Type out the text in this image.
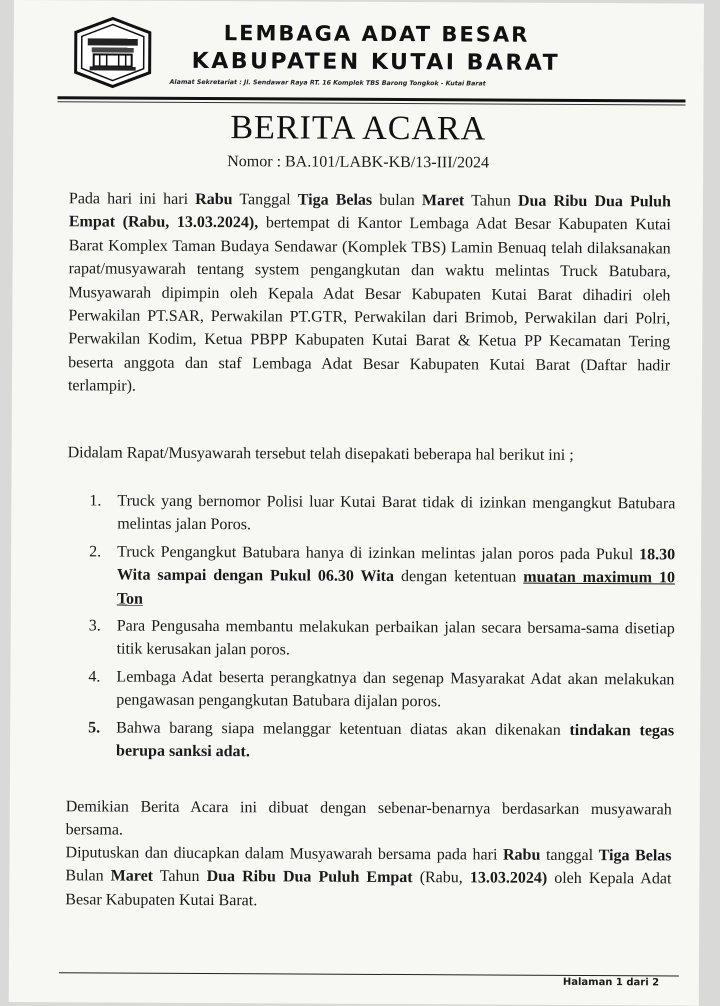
LEMBAGA ADAT BESAR
KABUPATEN KUTAI BARAT
Alamat Sekretariat : Jl. Sendawar Raya RT. 16 Komplek TBS Barong Tongkok - Kutai Barat
BERITA ACARA
Nomor : BA.101/LABK-KB/13-III/2024
Pada hari ini hari Rabu Tanggal Tiga Belas bulan Maret Tahun Dua Ribu Dua Puluh Empat (Rabu, 13.03.2024), bertempat di Kantor Lembaga Adat Besar Kabupaten Kutai Barat Komplex Taman Budaya Sendawar (Komplek TBS) Lamin Benuaq telah dilaksanakan rapat/musyawarah tentang system pengangkutan dan waktu melintas Truck Batubara, Musyawarah dipimpin oleh Kepala Adat Besar Kabupaten Kutai Barat dihadiri oleh Perwakilan PT.SAR, Perwakilan PT.GTR, Perwakilan dari Brimob, Perwakilan dari Polri, Perwakilan Kodim, Ketua PBPP Kabupaten Kutai Barat & Ketua PP Kecamatan Tering beserta anggota dan staf Lembaga Adat Besar Kabupaten Kutai Barat (Daftar hadir terlampir).
Didalam Rapat/Musyawarah tersebut telah disepakati beberapa hal berikut ini ;
1. Truck yang bernomor Polisi luar Kutai Barat tidak di izinkan mengangkut Batubara melintas jalan Poros.
2. Truck Pengangkut Batubara hanya di izinkan melintas jalan poros pada Pukul 18.30 Wita sampai dengan Pukul 06.30 Wita dengan ketentuan muatan maximum 10 Ton
3. Para Pengusaha membantu melakukan perbaikan jalan secara bersama-sama disetiap titik kerusakan jalan poros.
4. Lembaga Adat beserta perangkatnya dan segenap Masyarakat Adat akan melakukan pengawasan pengangkutan Batubara dijalan poros.
5. Bahwa barang siapa melanggar ketentuan diatas akan dikenakan tindakan tegas berupa sanksi adat.
Demikian Berita Acara ini dibuat dengan sebenar-benarnya berdasarkan musyawarah bersama.
Diputuskan dan diucapkan dalam Musyawarah bersama pada hari Rabu tanggal Tiga Belas Bulan Maret Tahun Dua Ribu Dua Puluh Empat (Rabu, 13.03.2024) oleh Kepala Adat Besar Kabupaten Kutai Barat.
Halaman 1 dari 2
